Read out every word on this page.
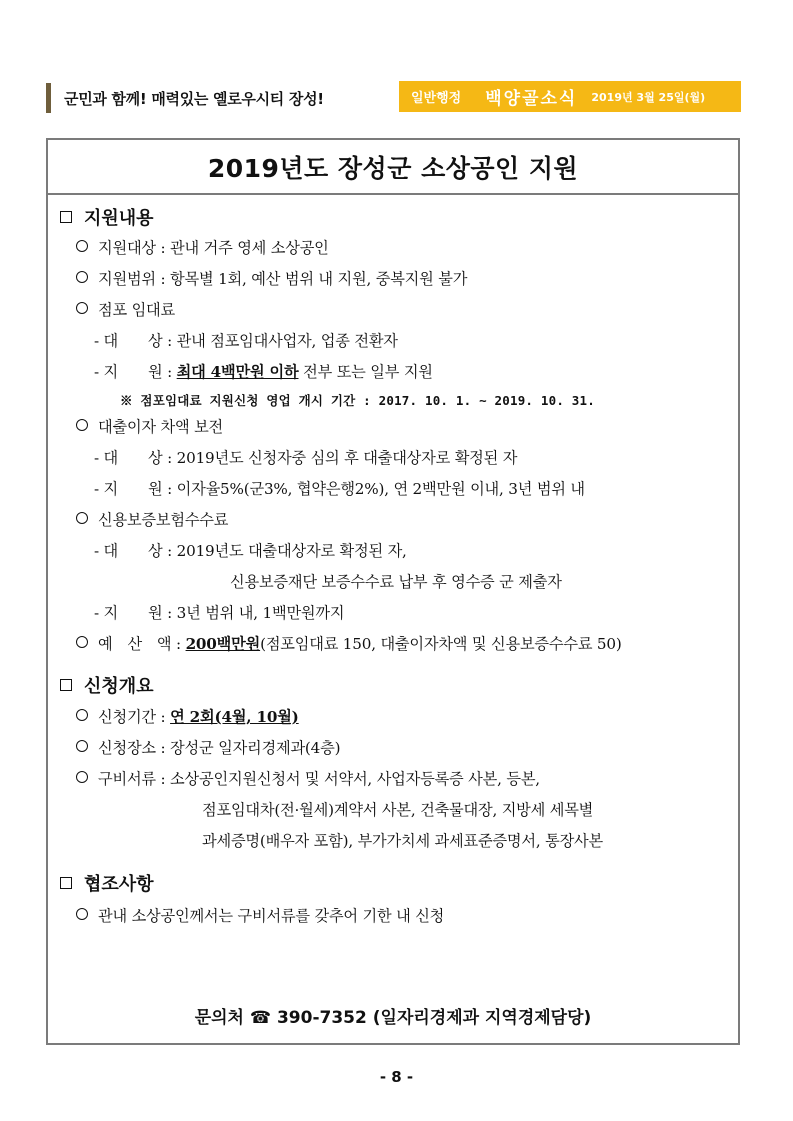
군민과 함께! 매력있는 옐로우시티 장성!	일반행정 백양골소식 2019년 3월 25일(월)
2019년도 장성군 소상공인 지원
지원내용
지원대상 : 관내 거주 영세 소상공인
지원범위 : 항목별 1회, 예산 범위 내 지원, 중복지원 불가
점포 임대료
- 대　　상 : 관내 점포임대사업자, 업종 전환자
- 지　　원 : 최대 4백만원 이하 전부 또는 일부 지원
※ 점포임대료 지원신청 영업 개시 기간 : 2017. 10. 1. ~ 2019. 10. 31.
대출이자 차액 보전
- 대　　상 : 2019년도 신청자중 심의 후 대출대상자로 확정된 자
- 지　　원 : 이자율5%(군3%, 협약은행2%), 연 2백만원 이내, 3년 범위 내
신용보증보험수수료
- 대　　상 : 2019년도 대출대상자로 확정된 자,
신용보증재단 보증수수료 납부 후 영수증 군 제출자
- 지　　원 : 3년 범위 내, 1백만원까지
예　산　액 : 200백만원(점포임대료 150, 대출이자차액 및 신용보증수수료 50)
신청개요
신청기간 : 연 2회(4월, 10월)
신청장소 : 장성군 일자리경제과(4층)
구비서류 : 소상공인지원신청서 및 서약서, 사업자등록증 사본, 등본,
점포임대차(전·월세)계약서 사본, 건축물대장, 지방세 세목별
과세증명(배우자 포함), 부가가치세 과세표준증명서, 통장사본
협조사항
관내 소상공인께서는 구비서류를 갖추어 기한 내 신청
문의처 ☎ 390-7352 (일자리경제과 지역경제담당)
- 8 -
